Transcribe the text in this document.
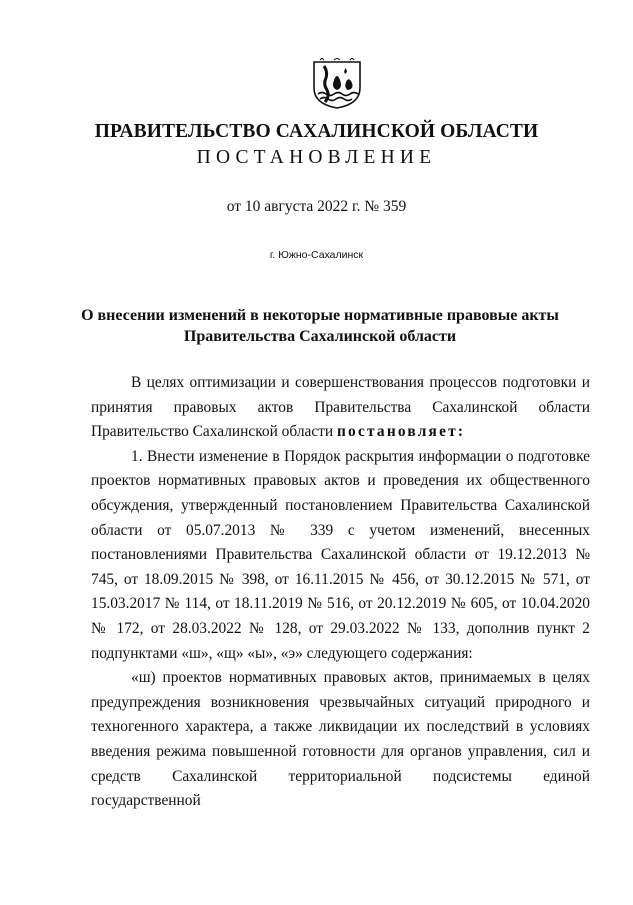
ПРАВИТЕЛЬСТВО САХАЛИНСКОЙ ОБЛАСТИ
ПОСТАНОВЛЕНИЕ
от 10 августа 2022 г. № 359
г. Южно-Сахалинск
О внесении изменений в некоторые нормативные правовые акты
Правительства Сахалинской области

В целях оптимизации и совершенствования процессов подготовки и принятия правовых актов Правительства Сахалинской области Правительство Сахалинской области постановляет:

1. Внести изменение в Порядок раскрытия информации о подготовке проектов нормативных правовых актов и проведения их общественного обсуждения, утвержденный постановлением Правительства Сахалинской области от 05.07.2013 № 339 с учетом изменений, внесенных постановлениями Правительства Сахалинской области от 19.12.2013 № 745, от 18.09.2015 № 398, от 16.11.2015 № 456, от 30.12.2015 № 571, от 15.03.2017 № 114, от 18.11.2019 № 516, от 20.12.2019 № 605, от 10.04.2020 № 172, от 28.03.2022 № 128, от 29.03.2022 № 133, дополнив пункт 2 подпунктами «ш», «щ» «ы», «э» следующего содержания:

«ш) проектов нормативных правовых актов, принимаемых в целях предупреждения возникновения чрезвычайных ситуаций природного и техногенного характера, а также ликвидации их последствий в условиях введения режима повышенной готовности для органов управления, сил и средств Сахалинской территориальной подсистемы единой государственной
